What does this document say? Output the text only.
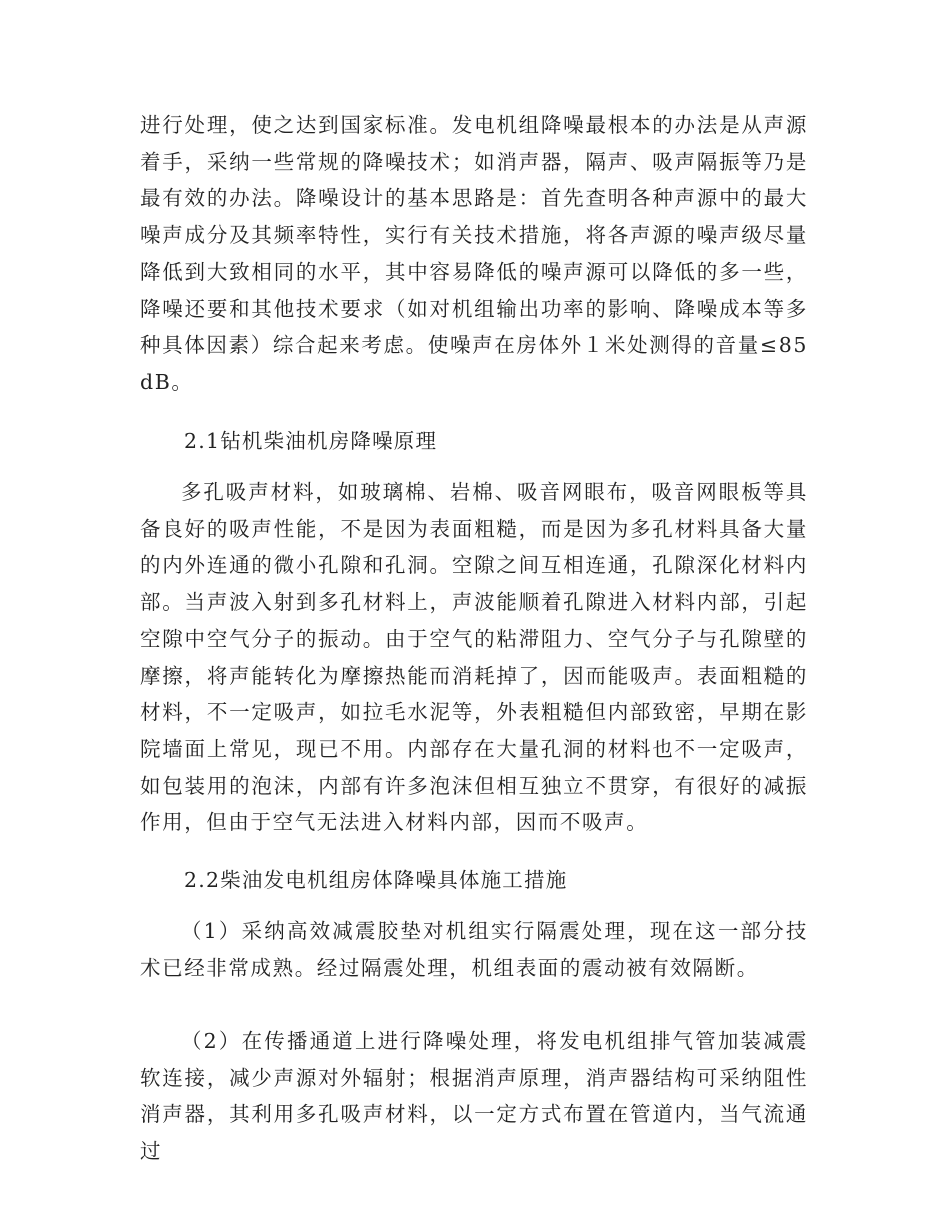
进行处理，使之达到国家标准。发电机组降噪最根本的办法是从声源着手，采纳一些常规的降噪技术；如消声器，隔声、吸声隔振等乃是最有效的办法。降噪设计的基本思路是：首先查明各种声源中的最大噪声成分及其频率特性，实行有关技术措施，将各声源的噪声级尽量降低到大致相同的水平，其中容易降低的噪声源可以降低的多一些，降噪还要和其他技术要求（如对机组输出功率的影响、降噪成本等多种具体因素）综合起来考虑。使噪声在房体外１米处测得的音量≤85dB。

2.1钻机柴油机房降噪原理

多孔吸声材料，如玻璃棉、岩棉、吸音网眼布，吸音网眼板等具备良好的吸声性能，不是因为表面粗糙，而是因为多孔材料具备大量的内外连通的微小孔隙和孔洞。空隙之间互相连通，孔隙深化材料内部。当声波入射到多孔材料上，声波能顺着孔隙进入材料内部，引起空隙中空气分子的振动。由于空气的粘滞阻力、空气分子与孔隙壁的摩擦，将声能转化为摩擦热能而消耗掉了，因而能吸声。表面粗糙的材料，不一定吸声，如拉毛水泥等，外表粗糙但内部致密，早期在影院墙面上常见，现已不用。内部存在大量孔洞的材料也不一定吸声，如包装用的泡沫，内部有许多泡沫但相互独立不贯穿，有很好的减振作用，但由于空气无法进入材料内部，因而不吸声。

2.2柴油发电机组房体降噪具体施工措施

（1）采纳高效减震胶垫对机组实行隔震处理，现在这一部分技术已经非常成熟。经过隔震处理，机组表面的震动被有效隔断。

（2）在传播通道上进行降噪处理，将发电机组排气管加装减震软连接，减少声源对外辐射；根据消声原理，消声器结构可采纳阻性消声器，其利用多孔吸声材料，以一定方式布置在管道内，当气流通过
